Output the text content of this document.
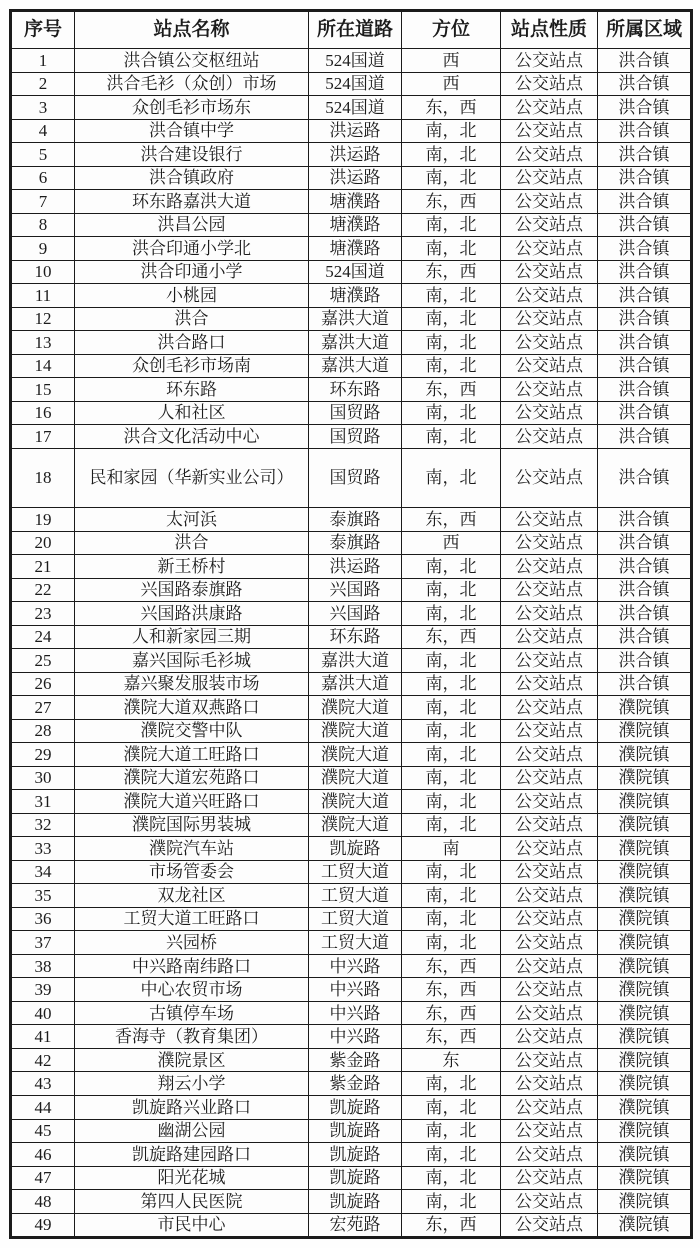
序号	站点名称	所在道路	方位	站点性质	所属区域
1	洪合镇公交枢纽站	524国道	西	公交站点	洪合镇
2	洪合毛衫（众创）市场	524国道	西	公交站点	洪合镇
3	众创毛衫市场东	524国道	东，西	公交站点	洪合镇
4	洪合镇中学	洪运路	南，北	公交站点	洪合镇
5	洪合建设银行	洪运路	南，北	公交站点	洪合镇
6	洪合镇政府	洪运路	南，北	公交站点	洪合镇
7	环东路嘉洪大道	塘濮路	东，西	公交站点	洪合镇
8	洪昌公园	塘濮路	南，北	公交站点	洪合镇
9	洪合印通小学北	塘濮路	南，北	公交站点	洪合镇
10	洪合印通小学	524国道	东，西	公交站点	洪合镇
11	小桃园	塘濮路	南，北	公交站点	洪合镇
12	洪合	嘉洪大道	南，北	公交站点	洪合镇
13	洪合路口	嘉洪大道	南，北	公交站点	洪合镇
14	众创毛衫市场南	嘉洪大道	南，北	公交站点	洪合镇
15	环东路	环东路	东，西	公交站点	洪合镇
16	人和社区	国贸路	南，北	公交站点	洪合镇
17	洪合文化活动中心	国贸路	南，北	公交站点	洪合镇
18	民和家园（华新实业公司）	国贸路	南，北	公交站点	洪合镇
19	太河浜	泰旗路	东，西	公交站点	洪合镇
20	洪合	泰旗路	西	公交站点	洪合镇
21	新王桥村	洪运路	南，北	公交站点	洪合镇
22	兴国路泰旗路	兴国路	南，北	公交站点	洪合镇
23	兴国路洪康路	兴国路	南，北	公交站点	洪合镇
24	人和新家园三期	环东路	东，西	公交站点	洪合镇
25	嘉兴国际毛衫城	嘉洪大道	南，北	公交站点	洪合镇
26	嘉兴聚发服装市场	嘉洪大道	南，北	公交站点	洪合镇
27	濮院大道双燕路口	濮院大道	南，北	公交站点	濮院镇
28	濮院交警中队	濮院大道	南，北	公交站点	濮院镇
29	濮院大道工旺路口	濮院大道	南，北	公交站点	濮院镇
30	濮院大道宏苑路口	濮院大道	南，北	公交站点	濮院镇
31	濮院大道兴旺路口	濮院大道	南，北	公交站点	濮院镇
32	濮院国际男装城	濮院大道	南，北	公交站点	濮院镇
33	濮院汽车站	凯旋路	南	公交站点	濮院镇
34	市场管委会	工贸大道	南，北	公交站点	濮院镇
35	双龙社区	工贸大道	南，北	公交站点	濮院镇
36	工贸大道工旺路口	工贸大道	南，北	公交站点	濮院镇
37	兴园桥	工贸大道	南，北	公交站点	濮院镇
38	中兴路南纬路口	中兴路	东，西	公交站点	濮院镇
39	中心农贸市场	中兴路	东，西	公交站点	濮院镇
40	古镇停车场	中兴路	东，西	公交站点	濮院镇
41	香海寺（教育集团）	中兴路	东，西	公交站点	濮院镇
42	濮院景区	紫金路	东	公交站点	濮院镇
43	翔云小学	紫金路	南，北	公交站点	濮院镇
44	凯旋路兴业路口	凯旋路	南，北	公交站点	濮院镇
45	幽湖公园	凯旋路	南，北	公交站点	濮院镇
46	凯旋路建园路口	凯旋路	南，北	公交站点	濮院镇
47	阳光花城	凯旋路	南，北	公交站点	濮院镇
48	第四人民医院	凯旋路	南，北	公交站点	濮院镇
49	市民中心	宏苑路	东，西	公交站点	濮院镇
